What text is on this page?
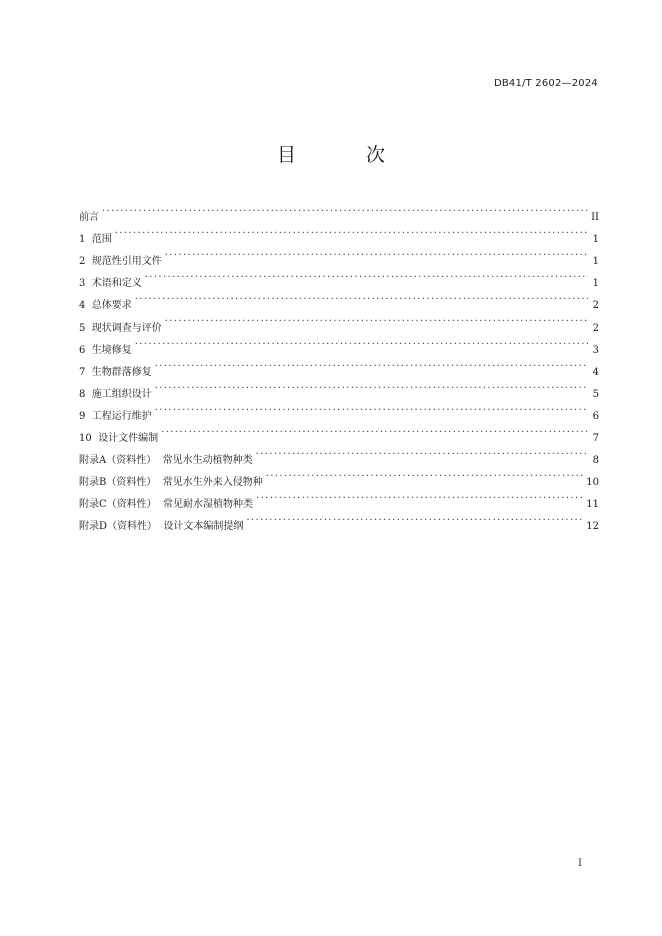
DB41/T 2602—2024
目 次
前言 . . .	II
1  范围 . . .	1
2  规范性引用文件 . . .	1
3  术语和定义 . . .	1
4  总体要求 . . .	2
5  现状调查与评价 . . .	2
6  生境修复 . . .	3
7  生物群落修复 . . .	4
8  施工组织设计 . . .	5
9  工程运行维护 . . .	6
10  设计文件编制 . . .	7
附录A（资料性）  常见水生动植物种类 . . .	8
附录B（资料性）  常见水生外来入侵物种 . . .	10
附录C（资料性）  常见耐水湿植物种类 . . .	11
附录D（资料性）  设计文本编制提纲 . . .	12
I
